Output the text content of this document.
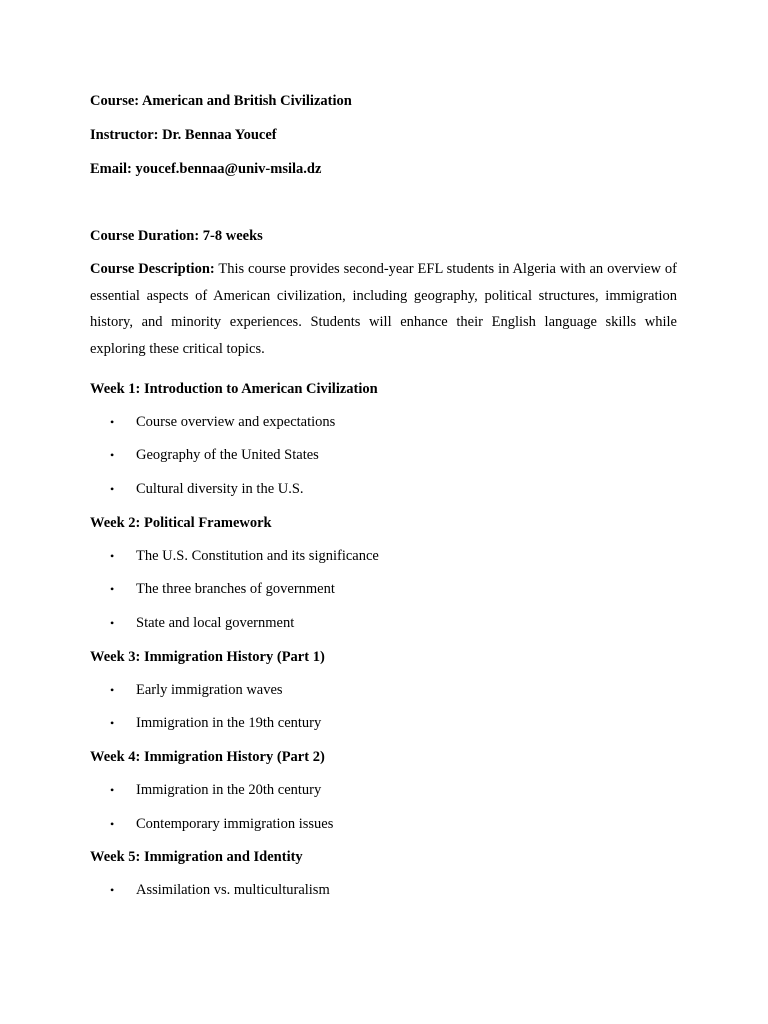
Course: American and British Civilization
Instructor: Dr. Bennaa Youcef
Email: youcef.bennaa@univ-msila.dz
Course Duration: 7-8 weeks
Course Description: This course provides second-year EFL students in Algeria with an overview of essential aspects of American civilization, including geography, political structures, immigration history, and minority experiences. Students will enhance their English language skills while exploring these critical topics.
Week 1: Introduction to American Civilization
• Course overview and expectations
• Geography of the United States
• Cultural diversity in the U.S.
Week 2: Political Framework
• The U.S. Constitution and its significance
• The three branches of government
• State and local government
Week 3: Immigration History (Part 1)
• Early immigration waves
• Immigration in the 19th century
Week 4: Immigration History (Part 2)
• Immigration in the 20th century
• Contemporary immigration issues
Week 5: Immigration and Identity
• Assimilation vs. multiculturalism
